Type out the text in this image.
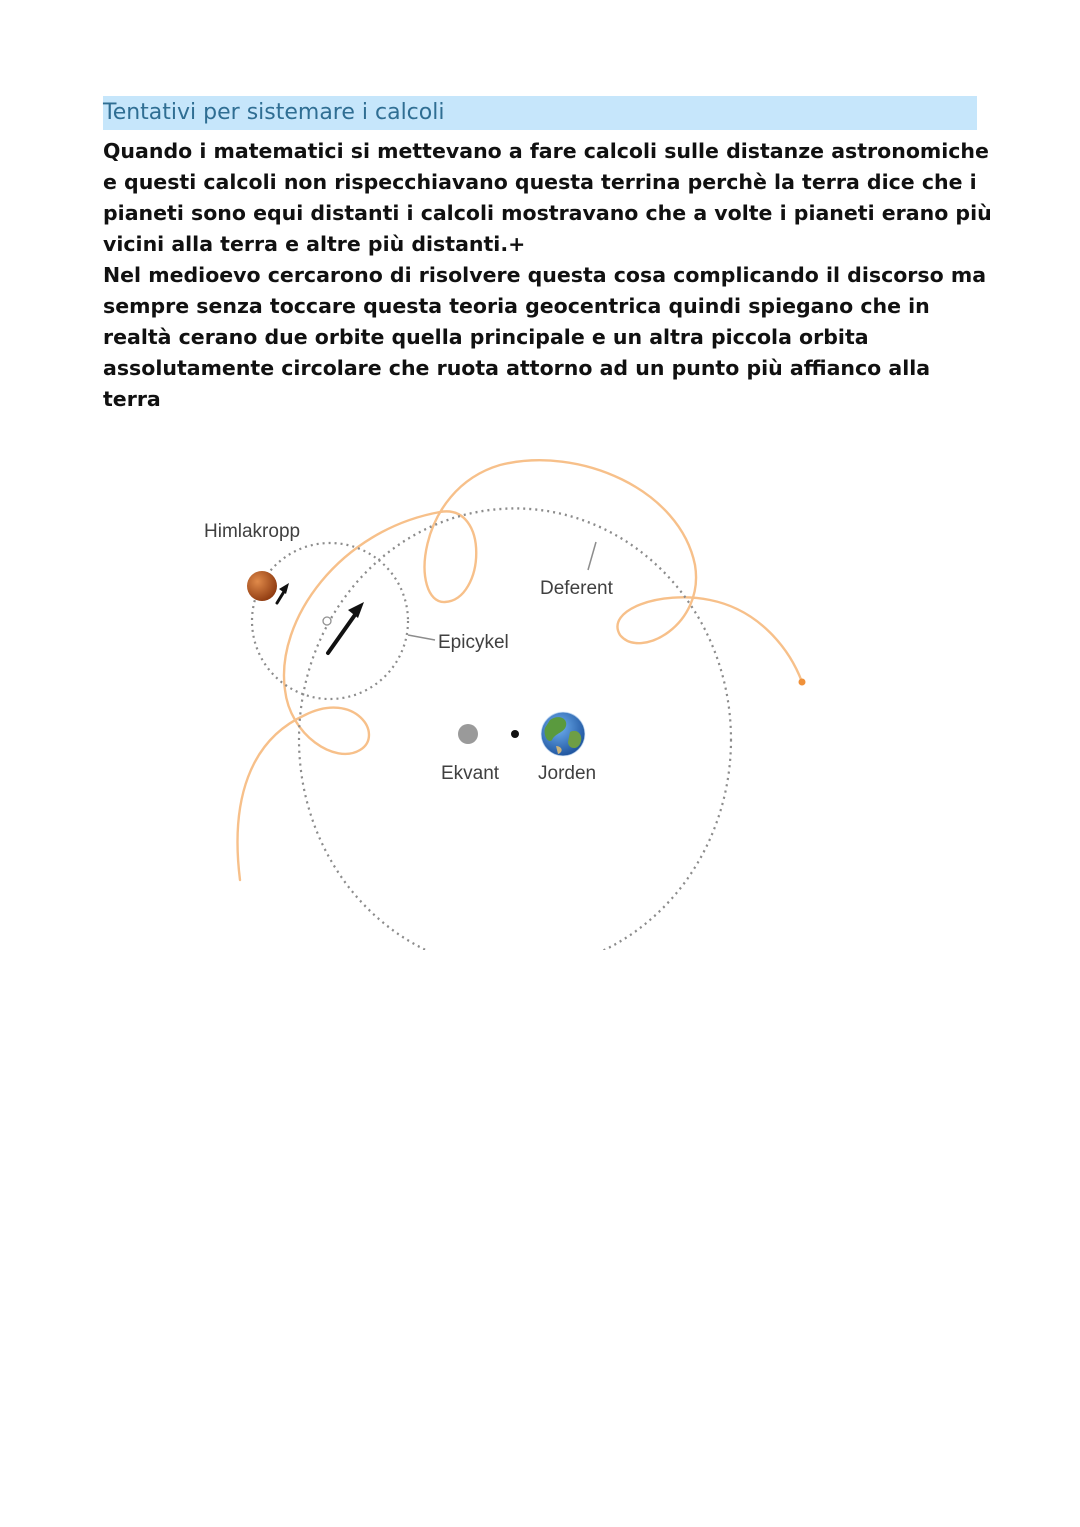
Tentativi per sistemare i calcoli
Quando i matematici si mettevano a fare calcoli sulle distanze astronomiche
e questi calcoli non rispecchiavano questa terrina perchè la terra dice che i
pianeti sono equi distanti i calcoli mostravano che a volte i pianeti erano più
vicini alla terra e altre più distanti.+
Nel medioevo cercarono di risolvere questa cosa complicando il discorso ma
sempre senza toccare questa teoria geocentrica quindi spiegano che in
realtà cerano due orbite quella principale e un altra piccola orbita
assolutamente circolare che ruota attorno ad un punto più affianco alla
terra
Himlakropp
Deferent
Epicykel
Ekvant Jorden
